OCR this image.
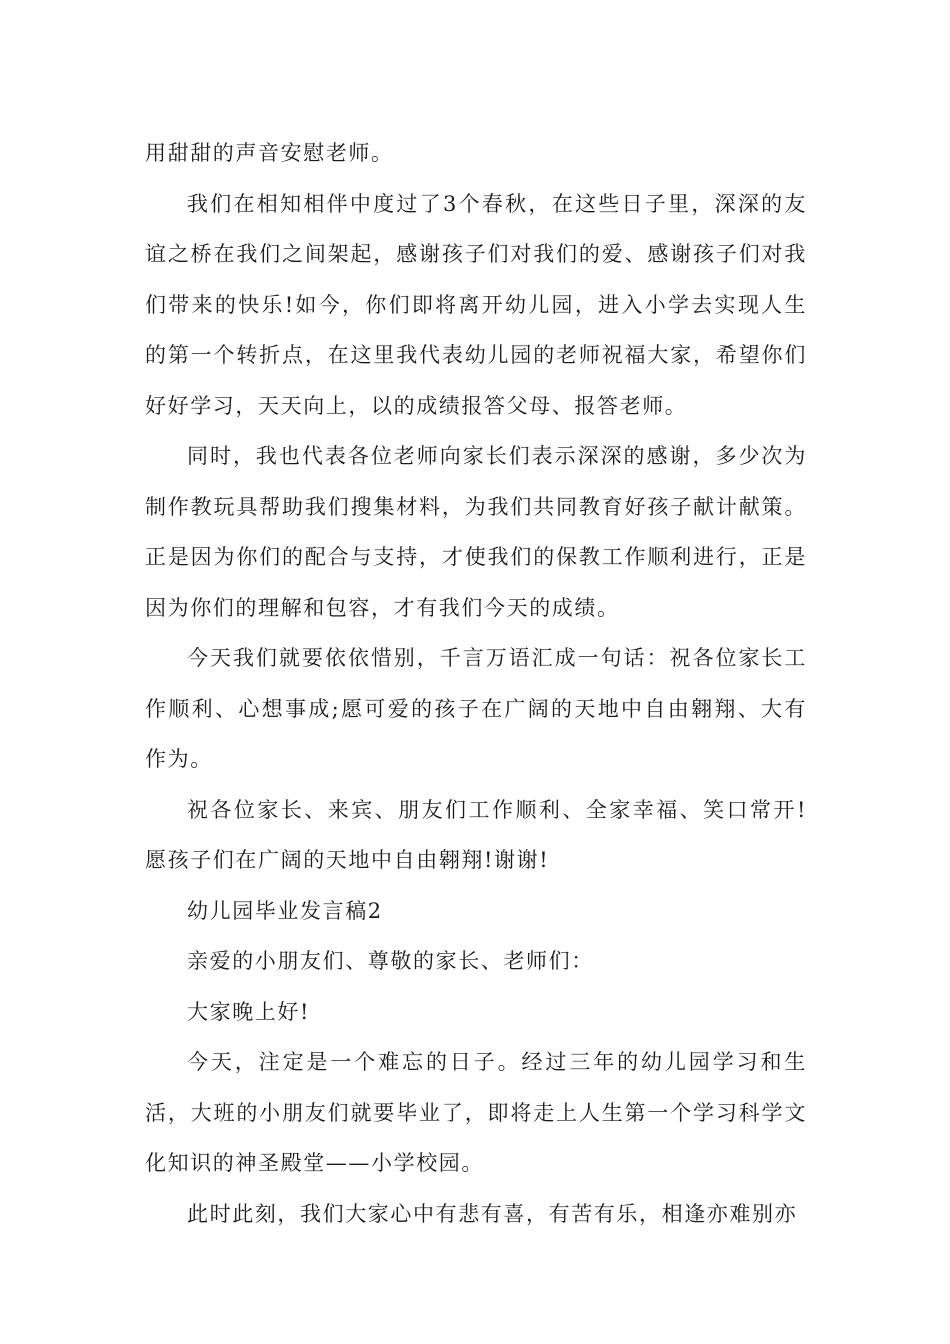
用甜甜的声音安慰老师。

我们在相知相伴中度过了3个春秋，在这些日子里，深深的友谊之桥在我们之间架起，感谢孩子们对我们的爱、感谢孩子们对我们带来的快乐!如今，你们即将离开幼儿园，进入小学去实现人生的第一个转折点，在这里我代表幼儿园的老师祝福大家，希望你们好好学习，天天向上，以的成绩报答父母、报答老师。

同时，我也代表各位老师向家长们表示深深的感谢，多少次为制作教玩具帮助我们搜集材料，为我们共同教育好孩子献计献策。正是因为你们的配合与支持，才使我们的保教工作顺利进行，正是因为你们的理解和包容，才有我们今天的成绩。

今天我们就要依依惜别，千言万语汇成一句话：祝各位家长工作顺利、心想事成;愿可爱的孩子在广阔的天地中自由翱翔、大有作为。

祝各位家长、来宾、朋友们工作顺利、全家幸福、笑口常开!愿孩子们在广阔的天地中自由翱翔!谢谢!

幼儿园毕业发言稿2

亲爱的小朋友们、尊敬的家长、老师们：

大家晚上好!

今天，注定是一个难忘的日子。经过三年的幼儿园学习和生活，大班的小朋友们就要毕业了，即将走上人生第一个学习科学文化知识的神圣殿堂——小学校园。

此时此刻，我们大家心中有悲有喜，有苦有乐，相逢亦难别亦
